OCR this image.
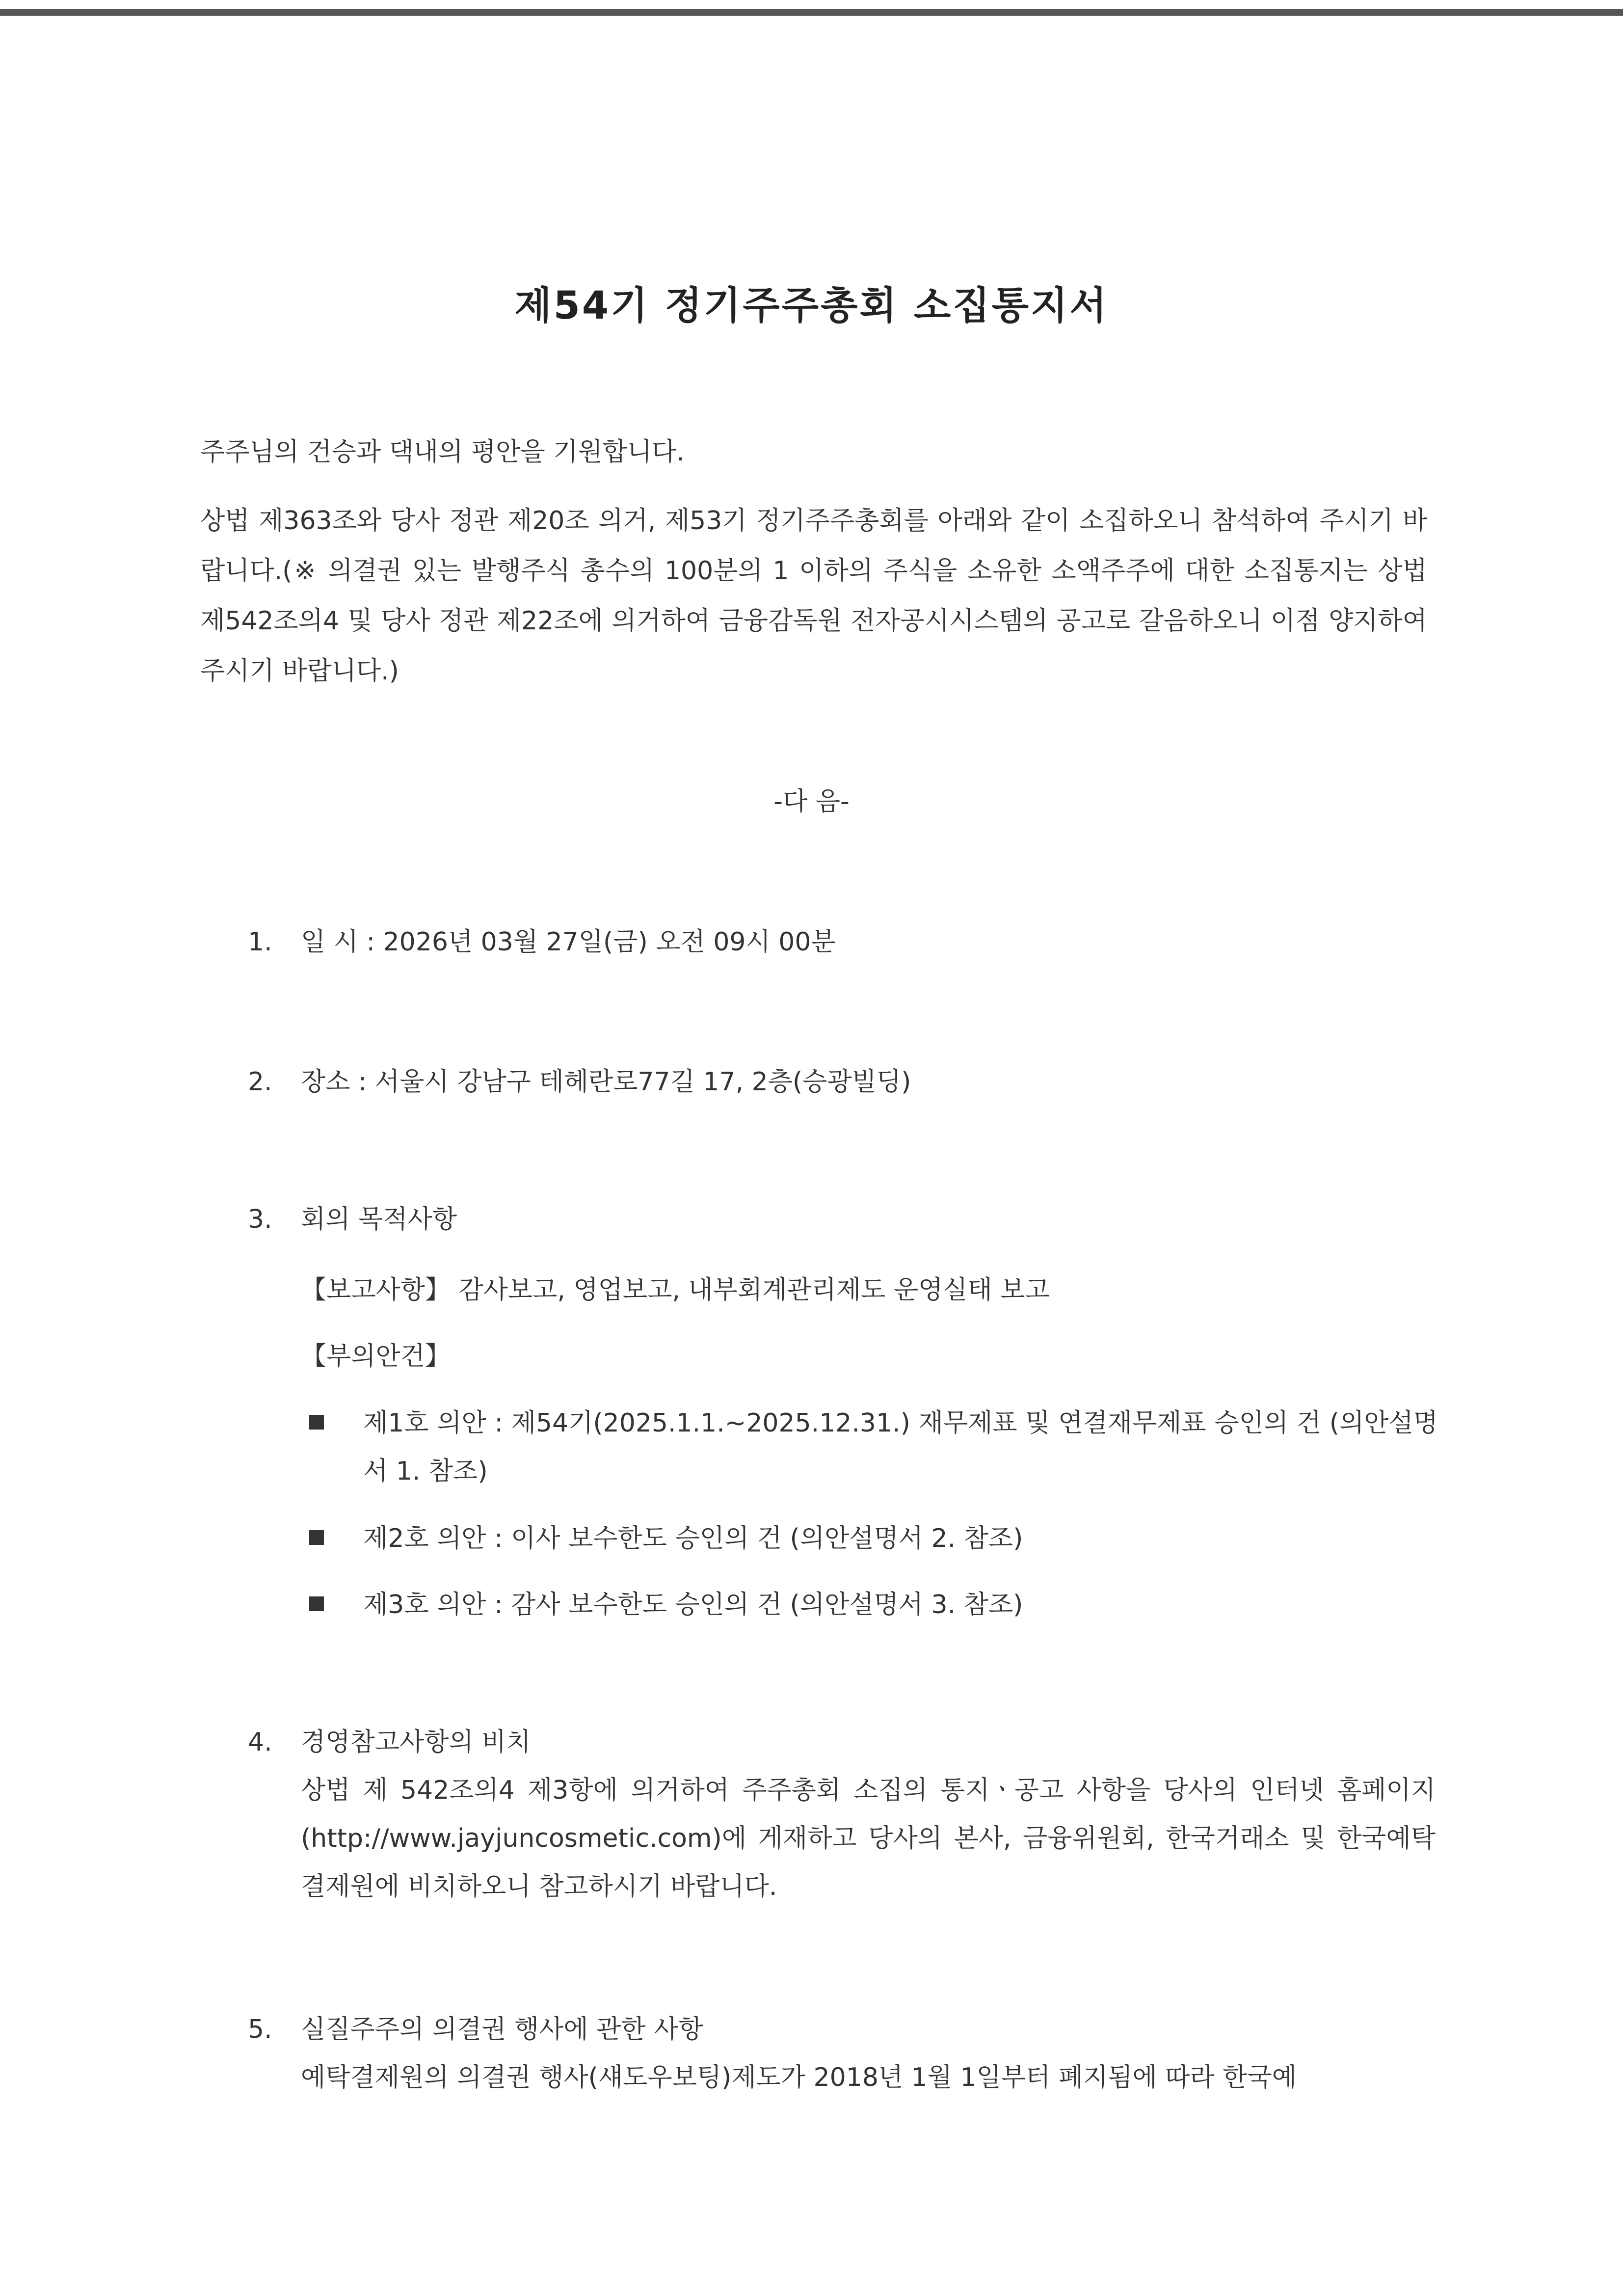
제54기 정기주주총회 소집통지서
주주님의 건승과 댁내의 평안을 기원합니다.
상법 제363조와 당사 정관 제20조 의거, 제53기 정기주주총회를 아래와 같이 소집하오니 참석하여 주시기 바랍니다.(※ 의결권 있는 발행주식 총수의 100분의 1 이하의 주식을 소유한 소액주주에 대한 소집통지는 상법 제542조의4 및 당사 정관 제22조에 의거하여 금융감독원 전자공시시스템의 공고로 갈음하오니 이점 양지하여 주시기 바랍니다.)
-다 음-
1.	일 시 : 2026년 03월 27일(금) 오전 09시 00분
2.	장소 : 서울시 강남구 테헤란로77길 17, 2층(승광빌딩)
3.	회의 목적사항
【보고사항】 감사보고, 영업보고, 내부회계관리제도 운영실태 보고
【부의안건】
제1호 의안 : 제54기(2025.1.1.~2025.12.31.) 재무제표 및 연결재무제표 승인의 건 (의안설명서 1. 참조)
제2호 의안 : 이사 보수한도 승인의 건 (의안설명서 2. 참조)
제3호 의안 : 감사 보수한도 승인의 건 (의안설명서 3. 참조)
4.	경영참고사항의 비치
상법 제 542조의4 제3항에 의거하여 주주총회 소집의 통지ㆍ공고 사항을 당사의 인터넷 홈페이지(http://www.jayjuncosmetic.com)에 게재하고 당사의 본사, 금융위원회, 한국거래소 및 한국예탁결제원에 비치하오니 참고하시기 바랍니다.
5.	실질주주의 의결권 행사에 관한 사항
예탁결제원의 의결권 행사(섀도우보팅)제도가 2018년 1월 1일부터 폐지됨에 따라 한국예
